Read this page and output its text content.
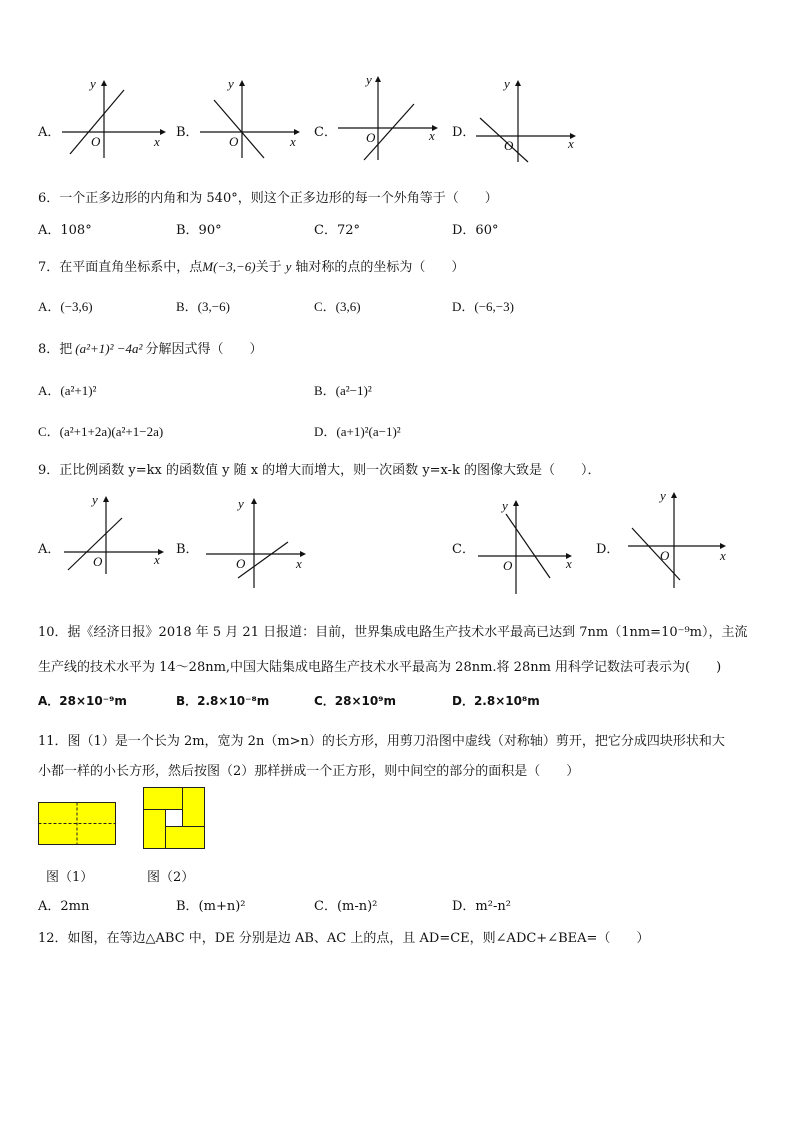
A．
y
x
O
B．
y
x
O
C．
y
x
O	D．
y
x
O
6．一个正多边形的内角和为 540°，则这个正多边形的每一个外角等于（　　）
A．108°	B．90°	C．72°	D．60°
7．在平面直角坐标系中，点M(−3,−6)关于 y 轴对称的点的坐标为（　　）
A．(−3,6)	B．(3,−6)	C．(3,6)	D．(−6,−3)
8．把 (a²+1)² −4a² 分解因式得（　　）
A．(a²+1)²	B．(a²−1)²
C．(a²+1+2a)(a²+1−2a)	D．(a+1)²(a−1)²
9．正比例函数 y=kx 的函数值 y 随 x 的增大而增大，则一次函数 y=x-k 的图像大致是（　　）．
A．
y
x
O
B．
y
x
O
C．
y
x
O
D．
y
x
O
10．据《经济日报》2018 年 5 月 21 日报道：目前，世界集成电路生产技术水平最高已达到 7nm（1nm=10⁻⁹m），主流
生产线的技术水平为 14～28nm,中国大陆集成电路生产技术水平最高为 28nm.将 28nm 用科学记数法可表示为(　　)
A．28×10⁻⁹m	B．2.8×10⁻⁸m	C．28×10⁹m	D．2.8×10⁸m
11．图（1）是一个长为 2m，宽为 2n（m>n）的长方形，用剪刀沿图中虚线（对称轴）剪开，把它分成四块形状和大
小都一样的小长方形，然后按图（2）那样拼成一个正方形，则中间空的部分的面积是（　　）
图（1）	图（2）
A．2mn	B．(m+n)²	C．(m-n)²	D．m²-n²
12．如图，在等边△ABC 中，DE 分别是边 AB、AC 上的点，且 AD=CE，则∠ADC+∠BEA=（　　）
